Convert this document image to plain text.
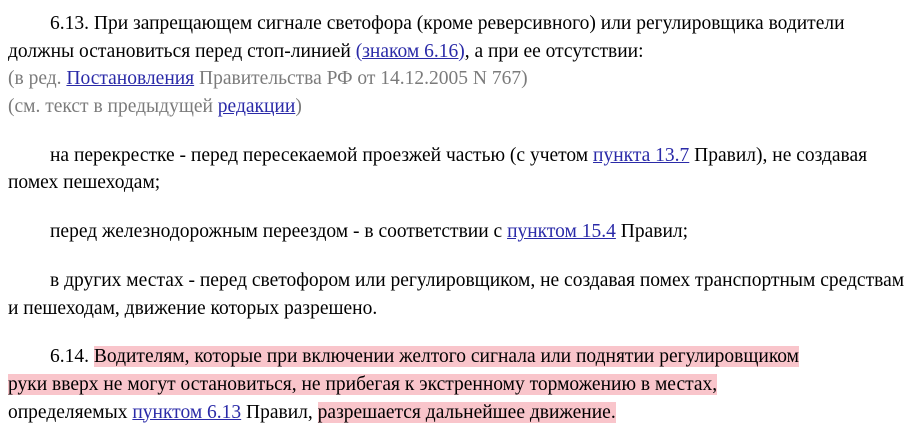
6.13. При запрещающем сигнале светофора (кроме реверсивного) или регулировщика водители должны остановиться перед стоп-линией (знаком 6.16), а при ее отсутствии:

(в ред. Постановления Правительства РФ от 14.12.2005 N 767)

(см. текст в предыдущей редакции)

на перекрестке - перед пересекаемой проезжей частью (с учетом пункта 13.7 Правил), не создавая помех пешеходам;

перед железнодорожным переездом - в соответствии с пунктом 15.4 Правил;

в других местах - перед светофором или регулировщиком, не создавая помех транспортным средствам и пешеходам, движение которых разрешено.

6.14. Водителям, которые при включении желтого сигнала или поднятии регулировщиком
руки вверх не могут остановиться, не прибегая к экстренному торможению в местах,
определяемых пунктом 6.13 Правил, разрешается дальнейшее движение.
